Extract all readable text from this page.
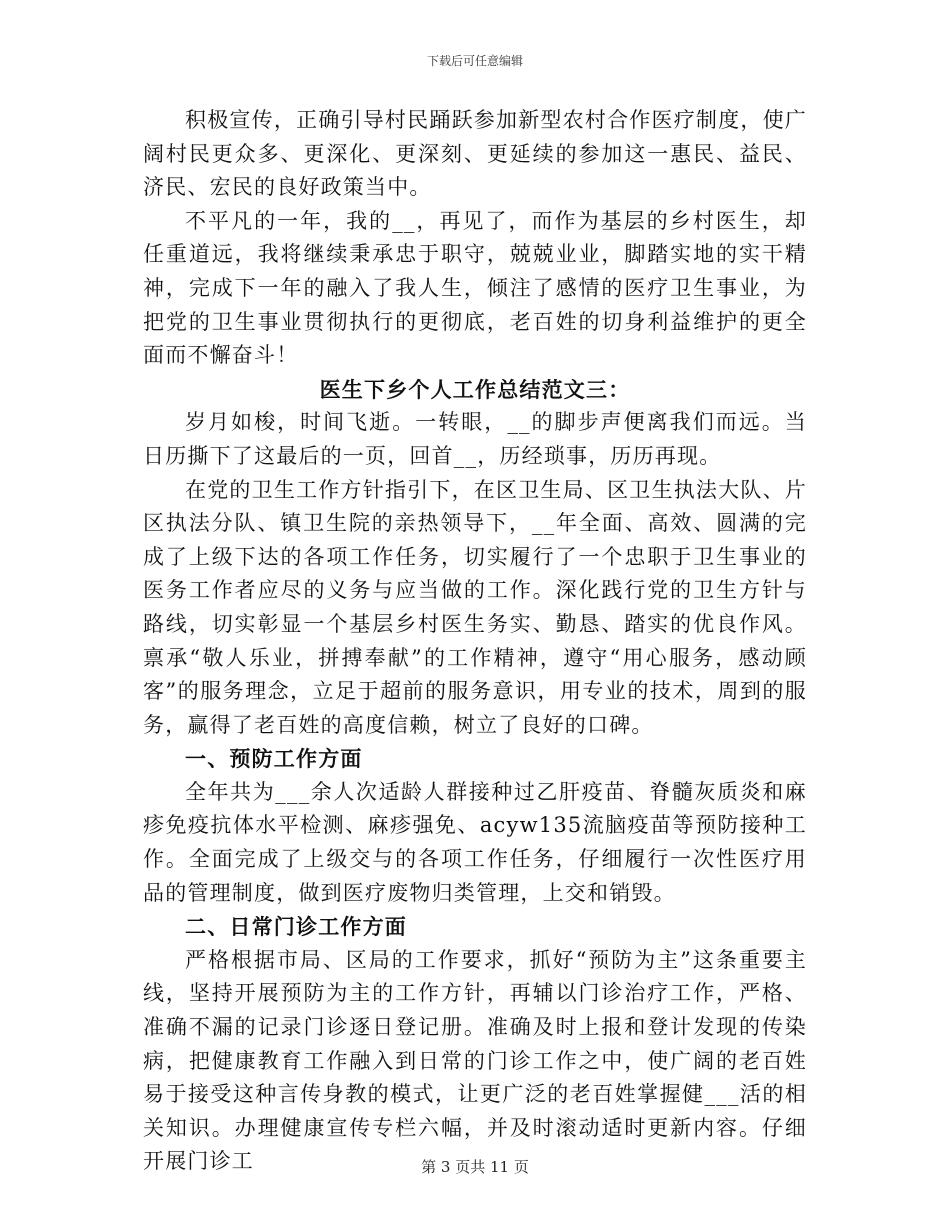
下载后可任意编辑

积极宣传，正确引导村民踊跃参加新型农村合作医疗制度，使广阔村民更众多、更深化、更深刻、更延续的参加这一惠民、益民、济民、宏民的良好政策当中。

不平凡的一年，我的__，再见了，而作为基层的乡村医生，却任重道远，我将继续秉承忠于职守，兢兢业业，脚踏实地的实干精神，完成下一年的融入了我人生，倾注了感情的医疗卫生事业，为把党的卫生事业贯彻执行的更彻底，老百姓的切身利益维护的更全面而不懈奋斗！

医生下乡个人工作总结范文三：

岁月如梭，时间飞逝。一转眼，__的脚步声便离我们而远。当日历撕下了这最后的一页，回首__，历经琐事，历历再现。

在党的卫生工作方针指引下，在区卫生局、区卫生执法大队、片区执法分队、镇卫生院的亲热领导下，__年全面、高效、圆满的完成了上级下达的各项工作任务，切实履行了一个忠职于卫生事业的医务工作者应尽的义务与应当做的工作。深化践行党的卫生方针与路线，切实彰显一个基层乡村医生务实、勤恳、踏实的优良作风。禀承“敬人乐业，拼搏奉献”的工作精神，遵守“用心服务，感动顾客”的服务理念，立足于超前的服务意识，用专业的技术，周到的服务，赢得了老百姓的高度信赖，树立了良好的口碑。

一、预防工作方面

全年共为___余人次适龄人群接种过乙肝疫苗、脊髓灰质炎和麻疹免疫抗体水平检测、麻疹强免、acyw135流脑疫苗等预防接种工作。全面完成了上级交与的各项工作任务，仔细履行一次性医疗用品的管理制度，做到医疗废物归类管理，上交和销毁。

二、日常门诊工作方面

严格根据市局、区局的工作要求，抓好“预防为主”这条重要主线，坚持开展预防为主的工作方针，再辅以门诊治疗工作，严格、准确不漏的记录门诊逐日登记册。准确及时上报和登计发现的传染病，把健康教育工作融入到日常的门诊工作之中，使广阔的老百姓易于接受这种言传身教的模式，让更广泛的老百姓掌握健___活的相关知识。办理健康宣传专栏六幅，并及时滚动适时更新内容。仔细开展门诊工	第 3 页共 11 页
